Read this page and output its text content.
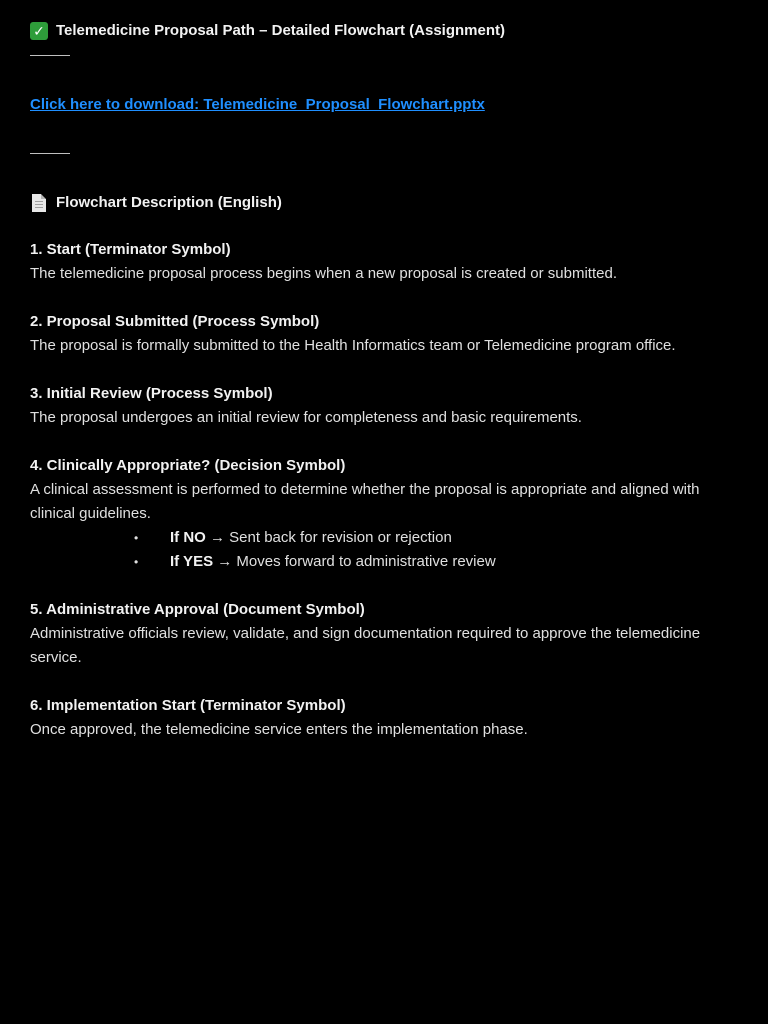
✓ Telemedicine Proposal Path – Detailed Flowchart (Assignment)
Click here to download: Telemedicine_Proposal_Flowchart.pptx
Flowchart Description (English)
1. Start (Terminator Symbol)
The telemedicine proposal process begins when a new proposal is created or submitted.
2. Proposal Submitted (Process Symbol)
The proposal is formally submitted to the Health Informatics team or Telemedicine program office.
3. Initial Review (Process Symbol)
The proposal undergoes an initial review for completeness and basic requirements.
4. Clinically Appropriate? (Decision Symbol)
A clinical assessment is performed to determine whether the proposal is appropriate and aligned with clinical guidelines.
• If NO → Sent back for revision or rejection
• If YES → Moves forward to administrative review
5. Administrative Approval (Document Symbol)
Administrative officials review, validate, and sign documentation required to approve the telemedicine service.
6. Implementation Start (Terminator Symbol)
Once approved, the telemedicine service enters the implementation phase.
